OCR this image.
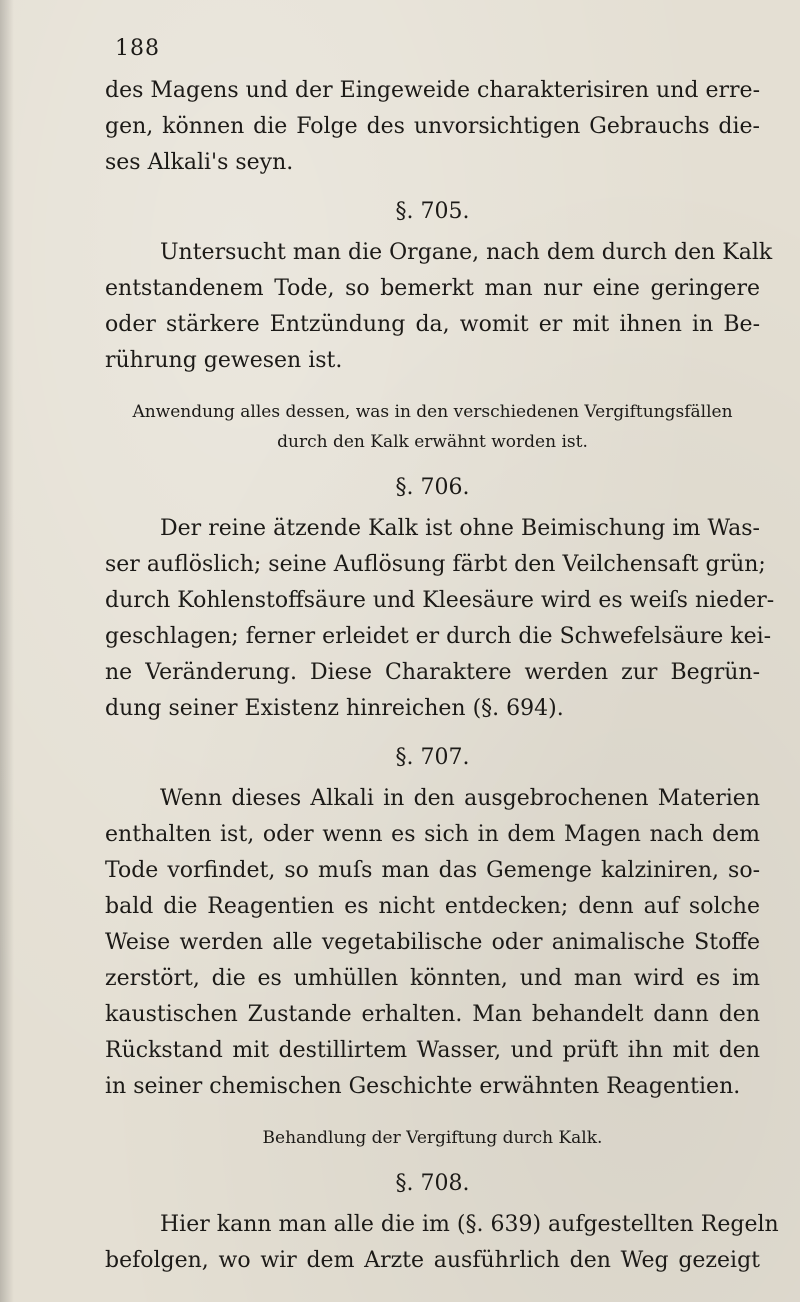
188
des Magens und der Eingeweide charakterisiren und erre-
gen, können die Folge des unvorsichtigen Gebrauchs die-
ses Alkali's seyn.
§. 705.
Untersucht man die Organe, nach dem durch den Kalk
entstandenem Tode, so bemerkt man nur eine geringere
oder stärkere Entzündung da, womit er mit ihnen in Be-
rührung gewesen ist.
Anwendung alles dessen, was in den verschiedenen Vergiftungsfällen
durch den Kalk erwähnt worden ist.
§. 706.
Der reine ätzende Kalk ist ohne Beimischung im Was-
ser auflöslich; seine Auflösung färbt den Veilchensaft grün;
durch Kohlenstoffsäure und Kleesäure wird es weiſs nieder-
geschlagen; ferner erleidet er durch die Schwefelsäure kei-
ne Veränderung. Diese Charaktere werden zur Begrün-
dung seiner Existenz hinreichen (§. 694).
§. 707.
Wenn dieses Alkali in den ausgebrochenen Materien
enthalten ist, oder wenn es sich in dem Magen nach dem
Tode vorfindet, so muſs man das Gemenge kalziniren, so-
bald die Reagentien es nicht entdecken; denn auf solche
Weise werden alle vegetabilische oder animalische Stoffe
zerstört, die es umhüllen könnten, und man wird es im
kaustischen Zustande erhalten. Man behandelt dann den
Rückstand mit destillirtem Wasser, und prüft ihn mit den
in seiner chemischen Geschichte erwähnten Reagentien.
Behandlung der Vergiftung durch Kalk.
§. 708.
Hier kann man alle die im (§. 639) aufgestellten Regeln
befolgen, wo wir dem Arzte ausführlich den Weg gezeigt
